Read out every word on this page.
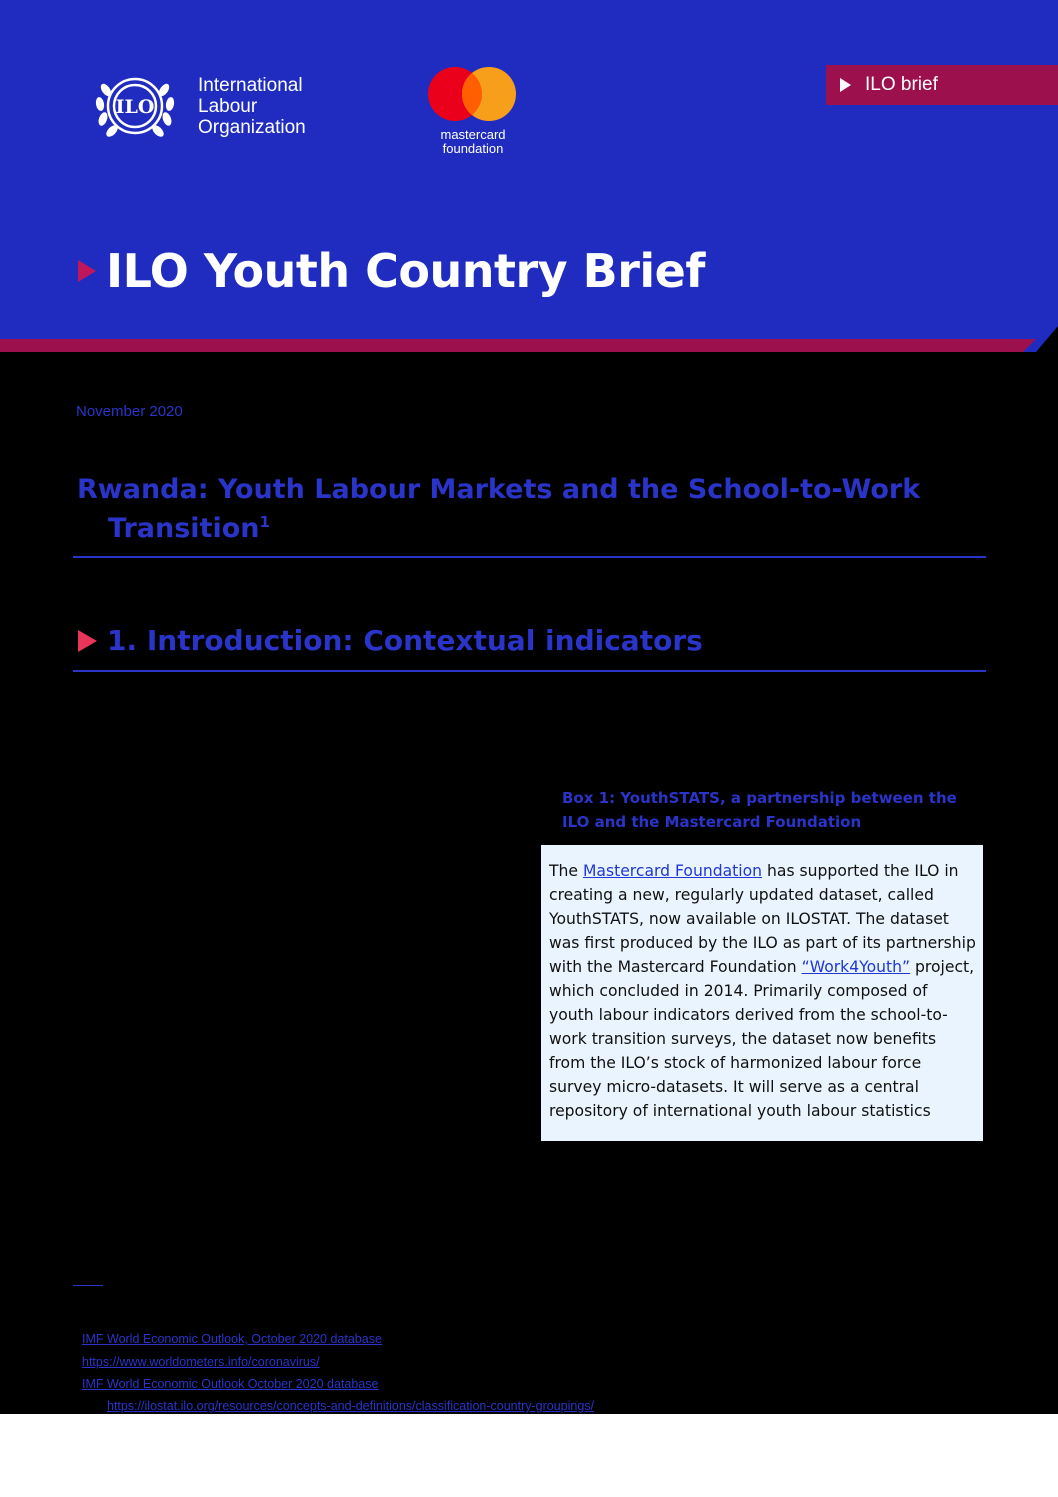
ILO
International
Labour
Organization	mastercard
foundation
ILO brief
ILO Youth Country Brief
November 2020
Rwanda: Youth Labour Markets and the School-to-Work
Transition$^1$
1. Introduction: Contextual indicators
Box 1: YouthSTATS, a partnership between the ILO and the Mastercard Foundation
The Mastercard Foundation has supported the ILO in creating a new, regularly updated dataset, called YouthSTATS, now available on ILOSTAT. The dataset was first produced by the ILO as part of its partnership with the Mastercard Foundation “Work4Youth” project, which concluded in 2014. Primarily composed of youth labour indicators derived from the school-to-work transition surveys, the dataset now benefits from the ILO’s stock of harmonized labour force survey micro-datasets. It will serve as a central repository of international youth labour statistics
IMF World Economic Outlook, October 2020 database
https://www.worldometers.info/coronavirus/
IMF World Economic Outlook October 2020 database
https://ilostat.ilo.org/resources/concepts-and-definitions/classification-country-groupings/
